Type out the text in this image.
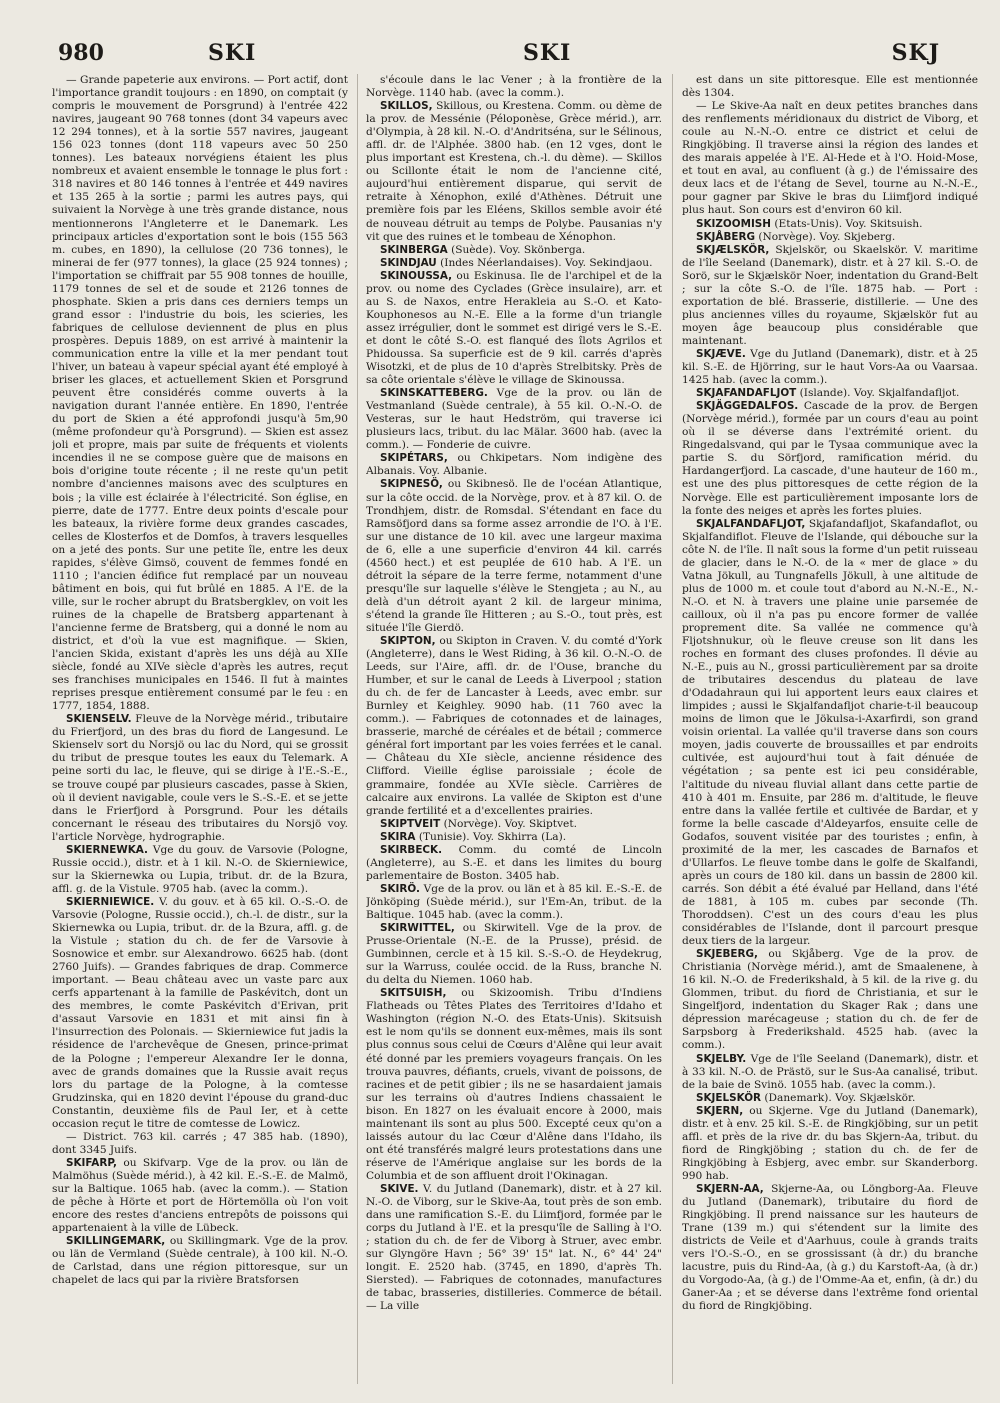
980	SKI	SKI	SKJ

— Grande papeterie aux environs. — Port actif, dont l'importance grandit toujours : en 1890, on comptait (y compris le mouvement de Porsgrund) à l'entrée 422 navires, jaugeant 90 768 tonnes (dont 34 vapeurs avec 12 294 tonnes), et à la sortie 557 navires, jaugeant 156 023 tonnes (dont 118 vapeurs avec 50 250 tonnes). Les bateaux norvégiens étaient les plus nombreux et avaient ensemble le tonnage le plus fort : 318 navires et 80 146 tonnes à l'entrée et 449 navires et 135 265 à la sortie ; parmi les autres pays, qui suivaient la Norvège à une très grande distance, nous mentionnerons l'Angleterre et le Danemark. Les principaux articles d'exportation sont le bois (155 563 m. cubes, en 1890), la cellulose (20 736 tonnes), le minerai de fer (977 tonnes), la glace (25 924 tonnes) ; l'importation se chiffrait par 55 908 tonnes de houille, 1179 tonnes de sel et de soude et 2126 tonnes de phosphate. Skien a pris dans ces derniers temps un grand essor : l'industrie du bois, les scieries, les fabriques de cellulose deviennent de plus en plus prospères. Depuis 1889, on est arrivé à maintenir la communication entre la ville et la mer pendant tout l'hiver, un bateau à vapeur spécial ayant été employé à briser les glaces, et actuellement Skien et Porsgrund peuvent être considérés comme ouverts à la navigation durant l'année entière. En 1890, l'entrée du port de Skien a été approfondi jusqu'à 5m,90 (même profondeur qu'à Porsgrund). — Skien est assez joli et propre, mais par suite de fréquents et violents incendies il ne se compose guère que de maisons en bois d'origine toute récente ; il ne reste qu'un petit nombre d'anciennes maisons avec des sculptures en bois ; la ville est éclairée à l'électricité. Son église, en pierre, date de 1777. Entre deux points d'escale pour les bateaux, la rivière forme deux grandes cascades, celles de Klosterfos et de Domfos, à travers lesquelles on a jeté des ponts. Sur une petite île, entre les deux rapides, s'élève Gimsö, couvent de femmes fondé en 1110 ; l'ancien édifice fut remplacé par un nouveau bâtiment en bois, qui fut brûlé en 1885. A l'E. de la ville, sur le rocher abrupt du Bratsbergklev, on voit les ruines de la chapelle de Bratsberg appartenant à l'ancienne ferme de Bratsberg, qui a donné le nom au district, et d'où la vue est magnifique. — Skien, l'ancien Skida, existant d'après les uns déjà au XIIe siècle, fondé au XIVe siècle d'après les autres, reçut ses franchises municipales en 1546. Il fut à maintes reprises presque entièrement consumé par le feu : en 1777, 1854, 1888.

SKIENSELV. Fleuve de la Norvège mérid., tributaire du Frierfjord, un des bras du fiord de Langesund. Le Skienselv sort du Norsjö ou lac du Nord, qui se grossit du tribut de presque toutes les eaux du Telemark. A peine sorti du lac, le fleuve, qui se dirige à l'E.-S.-E., se trouve coupé par plusieurs cascades, passe à Skien, où il devient navigable, coule vers le S.-S.-E. et se jette dans le Frierfjord à Porsgrund. Pour les détails concernant le réseau des tributaires du Norsjö voy. l'article Norvège, hydrographie.

SKIERNEWKA. Vge du gouv. de Varsovie (Pologne, Russie occid.), distr. et à 1 kil. N.-O. de Skierniewice, sur la Skiernewka ou Lupia, tribut. dr. de la Bzura, affl. g. de la Vistule. 9705 hab. (avec la comm.).

SKIERNIEWICE. V. du gouv. et à 65 kil. O.-S.-O. de Varsovie (Pologne, Russie occid.), ch.-l. de distr., sur la Skiernewka ou Lupia, tribut. dr. de la Bzura, affl. g. de la Vistule ; station du ch. de fer de Varsovie à Sosnowice et embr. sur Alexandrowo. 6625 hab. (dont 2760 Juifs). — Grandes fabriques de drap. Commerce important. — Beau château avec un vaste parc aux cerfs appartenant à la famille de Paskévitch, dont un des membres, le comte Paskévitch d'Erivan, prit d'assaut Varsovie en 1831 et mit ainsi fin à l'insurrection des Polonais. — Skierniewice fut jadis la résidence de l'archevêque de Gnesen, prince-primat de la Pologne ; l'empereur Alexandre Ier le donna, avec de grands domaines que la Russie avait reçus lors du partage de la Pologne, à la comtesse Grudzinska, qui en 1820 devint l'épouse du grand-duc Constantin, deuxième fils de Paul Ier, et à cette occasion reçut le titre de comtesse de Lowicz.

— District. 763 kil. carrés ; 47 385 hab. (1890), dont 3345 Juifs.

SKIFARP, ou Skifvarp. Vge de la prov. ou län de Malmöhus (Suède mérid.), à 42 kil. E.-S.-E. de Malmö, sur la Baltique. 1065 hab. (avec la comm.). — Station de pêche à Hörte et port de Hörtemölla où l'on voit encore des restes d'anciens entrepôts de poissons qui appartenaient à la ville de Lübeck.

SKILLINGEMARK, ou Skillingmark. Vge de la prov. ou län de Vermland (Suède centrale), à 100 kil. N.-O. de Carlstad, dans une région pittoresque, sur un chapelet de lacs qui par la rivière Bratsforsen

s'écoule dans le lac Vener ; à la frontière de la Norvège. 1140 hab. (avec la comm.).

SKILLOS, Skillous, ou Krestena. Comm. ou dème de la prov. de Messénie (Péloponèse, Grèce mérid.), arr. d'Olympia, à 28 kil. N.-O. d'Andritséna, sur le Sélinous, affl. dr. de l'Alphée. 3800 hab. (en 12 vges, dont le plus important est Krestena, ch.-l. du dème). — Skillos ou Scillonte était le nom de l'ancienne cité, aujourd'hui entièrement disparue, qui servit de retraite à Xénophon, exilé d'Athènes. Détruit une première fois par les Eléens, Skillos semble avoir été de nouveau détruit au temps de Polybe. Pausanias n'y vit que des ruines et le tombeau de Xénophon.

SKINBERGA (Suède). Voy. Skönberga.

SKINDJAU (Indes Néerlandaises). Voy. Sekindjaou.

SKINOUSSA, ou Eskinusa. Ile de l'archipel et de la prov. ou nome des Cyclades (Grèce insulaire), arr. et au S. de Naxos, entre Herakleia au S.-O. et Kato-Kouphonesos au N.-E. Elle a la forme d'un triangle assez irrégulier, dont le sommet est dirigé vers le S.-E. et dont le côté S.-O. est flanqué des îlots Agrilos et Phidoussa. Sa superficie est de 9 kil. carrés d'après Wisotzki, et de plus de 10 d'après Strelbitsky. Près de sa côte orientale s'élève le village de Skinoussa.

SKINSKATTEBERG. Vge de la prov. ou län de Vestmanland (Suède centrale), à 55 kil. O.-N.-O. de Vesteras, sur le haut Hedström, qui traverse ici plusieurs lacs, tribut. du lac Mälar. 3600 hab. (avec la comm.). — Fonderie de cuivre.

SKIPÉTARS, ou Chkipetars. Nom indigène des Albanais. Voy. Albanie.

SKIPNESÖ, ou Skibnesö. Ile de l'océan Atlantique, sur la côte occid. de la Norvège, prov. et à 87 kil. O. de Trondhjem, distr. de Romsdal. S'étendant en face du Ramsöfjord dans sa forme assez arrondie de l'O. à l'E. sur une distance de 10 kil. avec une largeur maxima de 6, elle a une superficie d'environ 44 kil. carrés (4560 hect.) et est peuplée de 610 hab. A l'E. un détroit la sépare de la terre ferme, notamment d'une presqu'île sur laquelle s'élève le Stengjeta ; au N., au delà d'un détroit ayant 2 kil. de largeur minima, s'étend la grande île Hitteren ; au S.-O., tout près, est située l'île Gierdö.

SKIPTON, ou Skipton in Craven. V. du comté d'York (Angleterre), dans le West Riding, à 36 kil. O.-N.-O. de Leeds, sur l'Aire, affl. dr. de l'Ouse, branche du Humber, et sur le canal de Leeds à Liverpool ; station du ch. de fer de Lancaster à Leeds, avec embr. sur Burnley et Keighley. 9090 hab. (11 760 avec la comm.). — Fabriques de cotonnades et de lainages, brasserie, marché de céréales et de bétail ; commerce général fort important par les voies ferrées et le canal. — Château du XIe siècle, ancienne résidence des Clifford. Vieille église paroissiale ; école de grammaire, fondée au XVIe siècle. Carrières de calcaire aux environs. La vallée de Skipton est d'une grande fertilité et a d'excellentes prairies.

SKIPTVEIT (Norvège). Voy. Skiptvet.

SKIRA (Tunisie). Voy. Skhirra (La).

SKIRBECK. Comm. du comté de Lincoln (Angleterre), au S.-E. et dans les limites du bourg parlementaire de Boston. 3405 hab.

SKIRÖ. Vge de la prov. ou län et à 85 kil. E.-S.-E. de Jönköping (Suède mérid.), sur l'Em-An, tribut. de la Baltique. 1045 hab. (avec la comm.).

SKIRWITTEL, ou Skirwitell. Vge de la prov. de Prusse-Orientale (N.-E. de la Prusse), présid. de Gumbinnen, cercle et à 15 kil. S.-S.-O. de Heydekrug, sur la Warruss, coulée occid. de la Russ, branche N. du delta du Niemen. 1060 hab.

SKITSUISH, ou Skizoomish. Tribu d'Indiens Flatheads ou Têtes Plates des Territoires d'Idaho et Washington (région N.-O. des Etats-Unis). Skitsuish est le nom qu'ils se donnent eux-mêmes, mais ils sont plus connus sous celui de Cœurs d'Alêne qui leur avait été donné par les premiers voyageurs français. On les trouva pauvres, défiants, cruels, vivant de poissons, de racines et de petit gibier ; ils ne se hasardaient jamais sur les terrains où d'autres Indiens chassaient le bison. En 1827 on les évaluait encore à 2000, mais maintenant ils sont au plus 500. Excepté ceux qu'on a laissés autour du lac Cœur d'Alêne dans l'Idaho, ils ont été transférés malgré leurs protestations dans une réserve de l'Amérique anglaise sur les bords de la Columbia et de son affluent droit l'Okinagan.

SKIVE. V. du Jutland (Danemark), distr. et à 27 kil. N.-O. de Viborg, sur le Skive-Aa, tout près de son emb. dans une ramification S.-E. du Liimfjord, formée par le corps du Jutland à l'E. et la presqu'île de Salling à l'O. ; station du ch. de fer de Viborg à Struer, avec embr. sur Glyngöre Havn ; 56° 39' 15" lat. N., 6° 44' 24" longit. E. 2520 hab. (3745, en 1890, d'après Th. Siersted). — Fabriques de cotonnades, manufactures de tabac, brasseries, distilleries. Commerce de bétail. — La ville

est dans un site pittoresque. Elle est mentionnée dès 1304.

— Le Skive-Aa naît en deux petites branches dans des renflements méridionaux du district de Viborg, et coule au N.-N.-O. entre ce district et celui de Ringkjöbing. Il traverse ainsi la région des landes et des marais appelée à l'E. Al-Hede et à l'O. Hoid-Mose, et tout en aval, au confluent (à g.) de l'émissaire des deux lacs et de l'étang de Sevel, tourne au N.-N.-E., pour gagner par Skive le bras du Liimfjord indiqué plus haut. Son cours est d'environ 60 kil.

SKIZOOMISH (Etats-Unis). Voy. Skitsuish.

SKJÅBERG (Norvège). Voy. Skjeberg.

SKJÆLSKÖR, Skjelskör, ou Skaelskör. V. maritime de l'île Seeland (Danemark), distr. et à 27 kil. S.-O. de Sorö, sur le Skjælskör Noer, indentation du Grand-Belt ; sur la côte S.-O. de l'île. 1875 hab. — Port : exportation de blé. Brasserie, distillerie. — Une des plus anciennes villes du royaume, Skjælskör fut au moyen âge beaucoup plus considérable que maintenant.

SKJÆVE. Vge du Jutland (Danemark), distr. et à 25 kil. S.-E. de Hjörring, sur le haut Vors-Aa ou Vaarsaa. 1425 hab. (avec la comm.).

SKJAFANDAFLJOT (Islande). Voy. Skjalfandafljot.

SKJÄGGEDALFOS. Cascade de la prov. de Bergen (Norvège mérid.), formée par un cours d'eau au point où il se déverse dans l'extrémité orient. du Ringedalsvand, qui par le Tysaa communique avec la partie S. du Sörfjord, ramification mérid. du Hardangerfjord. La cascade, d'une hauteur de 160 m., est une des plus pittoresques de cette région de la Norvège. Elle est particulièrement imposante lors de la fonte des neiges et après les fortes pluies.

SKJALFANDAFLJOT, Skjafandafljot, Skafandaflot, ou Skjalfandiflot. Fleuve de l'Islande, qui débouche sur la côte N. de l'île. Il naît sous la forme d'un petit ruisseau de glacier, dans le N.-O. de la « mer de glace » du Vatna Jökull, au Tungnafells Jökull, à une altitude de plus de 1000 m. et coule tout d'abord au N.-N.-E., N.-N.-O. et N. à travers une plaine unie parsemée de cailloux, où il n'a pas pu encore former de vallée proprement dite. Sa vallée ne commence qu'à Fljotshnukur, où le fleuve creuse son lit dans les roches en formant des cluses profondes. Il dévie au N.-E., puis au N., grossi particulièrement par sa droite de tributaires descendus du plateau de lave d'Odadahraun qui lui apportent leurs eaux claires et limpides ; aussi le Skjalfandafljot charie-t-il beaucoup moins de limon que le Jökulsa-i-Axarfirdi, son grand voisin oriental. La vallée qu'il traverse dans son cours moyen, jadis couverte de broussailles et par endroits cultivée, est aujourd'hui tout à fait dénuée de végétation ; sa pente est ici peu considérable, l'altitude du niveau fluvial allant dans cette partie de 410 à 401 m. Ensuite, par 286 m. d'altitude, le fleuve entre dans la vallée fertile et cultivée de Bardar, et y forme la belle cascade d'Aldeyarfos, ensuite celle de Godafos, souvent visitée par des touristes ; enfin, à proximité de la mer, les cascades de Barnafos et d'Ullarfos. Le fleuve tombe dans le golfe de Skalfandi, après un cours de 180 kil. dans un bassin de 2800 kil. carrés. Son débit a été évalué par Helland, dans l'été de 1881, à 105 m. cubes par seconde (Th. Thoroddsen). C'est un des cours d'eau les plus considérables de l'Islande, dont il parcourt presque deux tiers de la largeur.

SKJEBERG, ou Skjåberg. Vge de la prov. de Christiania (Norvège mérid.), amt de Smaalenene, à 16 kil. N.-O. de Frederikshald, à 5 kil. de la rive g. du Glommen, tribut. du fiord de Christiania, et sur le Singelfjord, indentation du Skager Rak ; dans une dépression marécageuse ; station du ch. de fer de Sarpsborg à Frederikshald. 4525 hab. (avec la comm.).

SKJELBY. Vge de l'île Seeland (Danemark), distr. et à 33 kil. N.-O. de Prästö, sur le Sus-Aa canalisé, tribut. de la baie de Svinö. 1055 hab. (avec la comm.).

SKJELSKÖR (Danemark). Voy. Skjælskör.

SKJERN, ou Skjerne. Vge du Jutland (Danemark), distr. et à env. 25 kil. S.-E. de Ringkjöbing, sur un petit affl. et près de la rive dr. du bas Skjern-Aa, tribut. du fiord de Ringkjöbing ; station du ch. de fer de Ringkjöbing à Esbjerg, avec embr. sur Skanderborg. 990 hab.

SKJERN-AA, Skjerne-Aa, ou Löngborg-Aa. Fleuve du Jutland (Danemark), tributaire du fiord de Ringkjöbing. Il prend naissance sur les hauteurs de Trane (139 m.) qui s'étendent sur la limite des districts de Veile et d'Aarhuus, coule à grands traits vers l'O.-S.-O., en se grossissant (à dr.) du branche lacustre, puis du Rind-Aa, (à g.) du Karstoft-Aa, (à dr.) du Vorgodo-Aa, (à g.) de l'Omme-Aa et, enfin, (à dr.) du Ganer-Aa ; et se déverse dans l'extrême fond oriental du fiord de Ringkjöbing.
